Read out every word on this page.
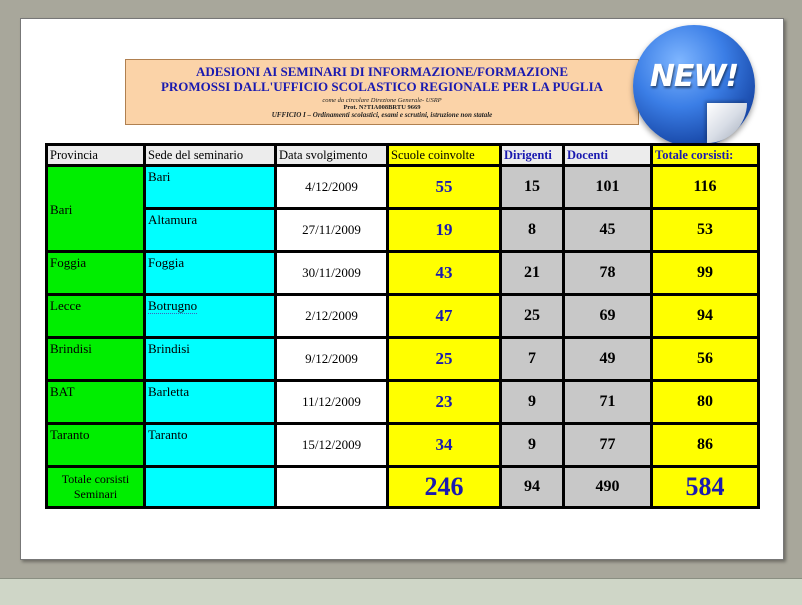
ADESIONI AI SEMINARI DI INFORMAZIONE/FORMAZIONE
PROMOSSI DALL'UFFICIO SCOLASTICO REGIONALE PER LA PUGLIA
come da circolare Direzione Generale- USRP
Prot. N?TIA008BRTU 9669
UFFICIO I – Ordinamenti scolastici, esami e scrutini, istruzione non statale
NEW!
Provincia	Sede del seminario	Data svolgimento	Scuole coinvolte	Dirigenti	Docenti	Totale corsisti:
Bari	Bari	4/12/2009	55	15	101	116
	Altamura	27/11/2009	19	8	45	53
Foggia	Foggia	30/11/2009	43	21	78	99
Lecce	Botrugno	2/12/2009	47	25	69	94
Brindisi	Brindisi	9/12/2009	25	7	49	56
BAT	Barletta	11/12/2009	23	9	71	80
Taranto	Taranto	15/12/2009	34	9	77	86
Totale corsisti
Seminari			246	94	490	584
